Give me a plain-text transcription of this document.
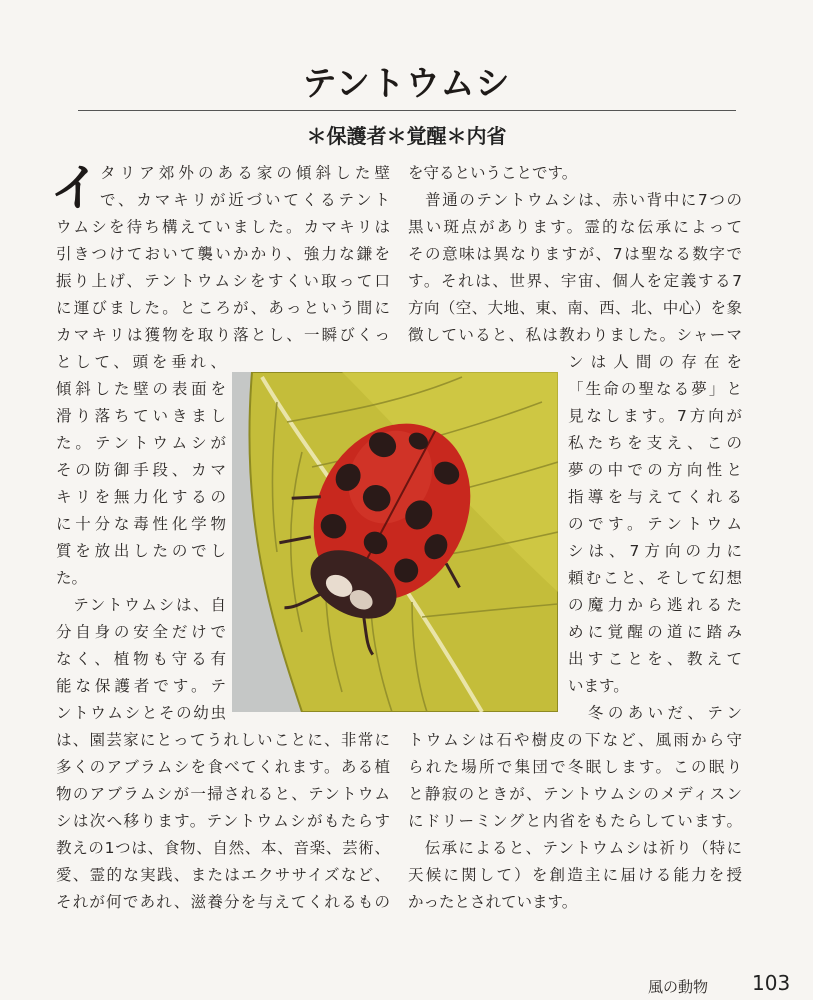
テントウムシ
＊保護者＊覚醒＊内省
イ タリア郊外のある家の傾斜した壁
で、カマキリが近づいてくるテント
ウムシを待ち構えていました。カマキリは
引きつけておいて襲いかかり、強力な鎌を
振り上げ、テントウムシをすくい取って口
に運びました。ところが、あっという間に
カマキリは獲物を取り落とし、一瞬びくっ
として、頭を垂れ、
傾斜した壁の表面を
滑り落ちていきまし
た。テントウムシが
その防御手段、カマ
キリを無力化するの
に十分な毒性化学物
質を放出したのでし
た。
　テントウムシは、自
分自身の安全だけで
なく、植物も守る有
能な保護者です。テ
ントウムシとその幼虫
は、園芸家にとってうれしいことに、非常に
多くのアブラムシを食べてくれます。ある植
物のアブラムシが一掃されると、テントウム
シは次へ移ります。テントウムシがもたらす
教えの1つは、食物、自然、本、音楽、芸術、
愛、霊的な実践、またはエクササイズなど、
それが何であれ、滋養分を与えてくれるもの
を守るということです。
　普通のテントウムシは、赤い背中に7つの
黒い斑点があります。霊的な伝承によって
その意味は異なりますが、7は聖なる数字で
す。それは、世界、宇宙、個人を定義する7
方向（空、大地、東、南、西、北、中心）を象
徴していると、私は教わりました。シャーマ
ンは人間の存在を
「生命の聖なる夢」と
見なします。7方向が
私たちを支え、この
夢の中での方向性と
指導を与えてくれる
のです。テントウム
シは、7方向の力に
頼むこと、そして幻想
の魔力から逃れるた
めに覚醒の道に踏み
出すことを、教えて
います。
　冬のあいだ、テン
トウムシは石や樹皮の下など、風雨から守
られた場所で集団で冬眠します。この眠り
と静寂のときが、テントウムシのメディスン
にドリーミングと内省をもたらしています。
　伝承によると、テントウムシは祈り（特に
天候に関して）を創造主に届ける能力を授
かったとされています。
風の動物 103
